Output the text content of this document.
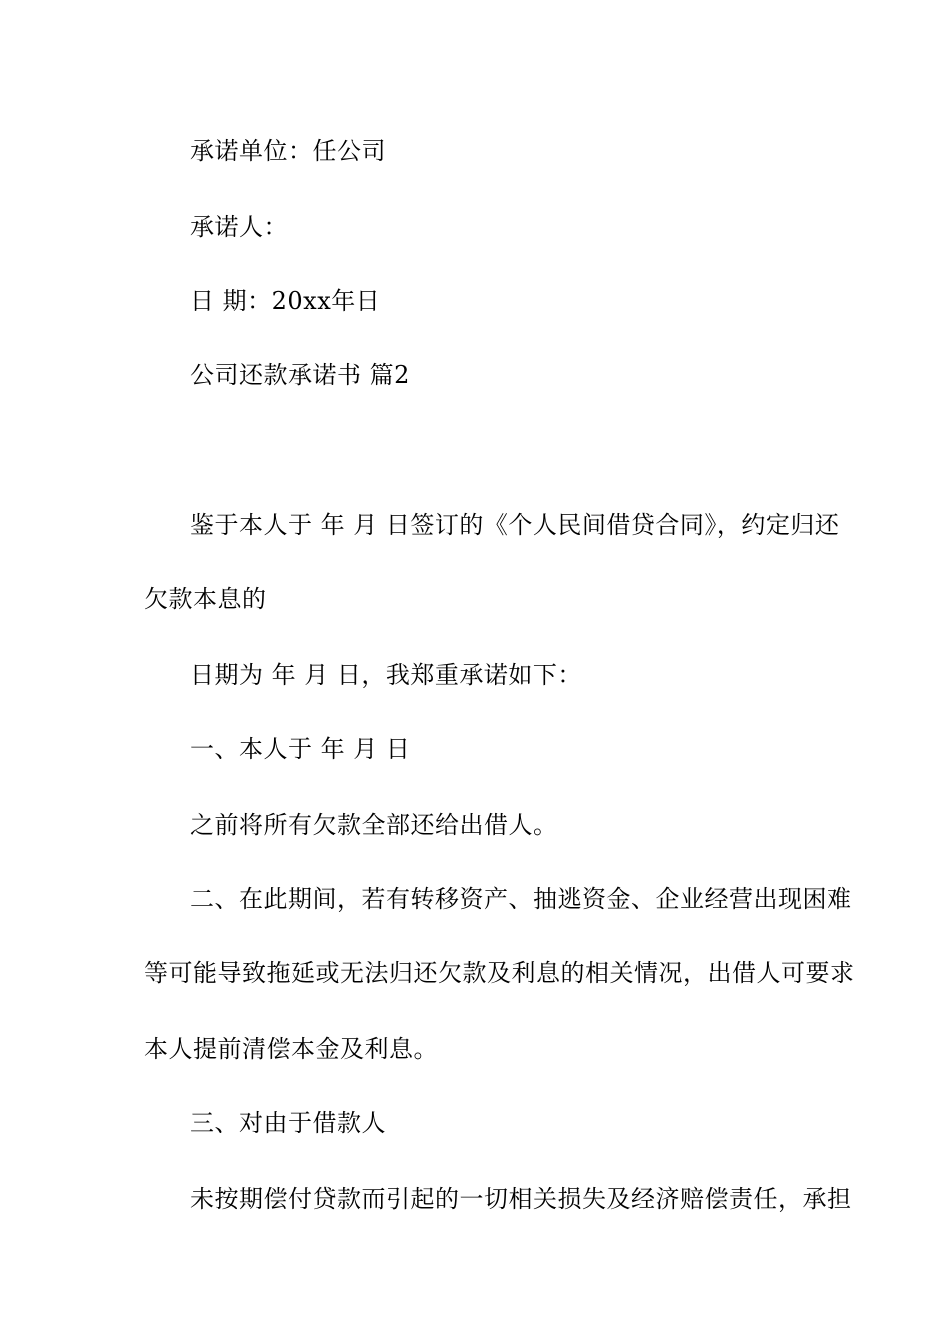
承诺单位：任公司
承诺人：
日 期：20xx年日
公司还款承诺书 篇2
鉴于本人于 年 月 日签订的《个人民间借贷合同》，约定归还
欠款本息的
日期为 年 月 日，我郑重承诺如下：
一、本人于 年 月 日
之前将所有欠款全部还给出借人。
二、在此期间，若有转移资产、抽逃资金、企业经营出现困难
等可能导致拖延或无法归还欠款及利息的相关情况，出借人可要求
本人提前清偿本金及利息。
三、对由于借款人
未按期偿付贷款而引起的一切相关损失及经济赔偿责任，承担
